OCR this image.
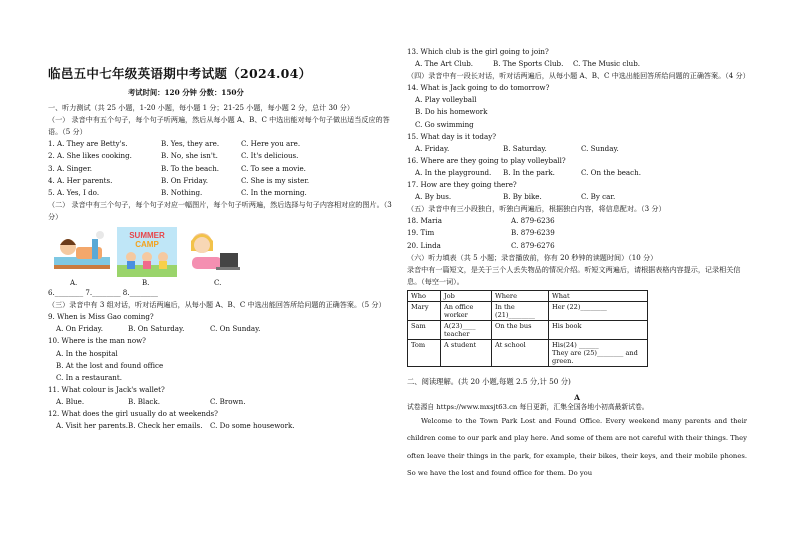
临邑五中七年级英语期中考试题（2024.04）
考试时间：120 分钟 分数：150分
一、听力测试（共 25 小题，1-20 小题，每小题 1 分；21-25 小题，每小题 2 分，总计 30 分）
（一） 录音中有五个句子，每个句子听两遍，然后从每小题 A、B、C 中选出能对每个句子做出适当反应的答语。（5 分）
1. A. They are Betty's.	B. Yes, they are.	C. Here you are.
2. A. She likes cooking.	B. No, she isn't.	C. It's delicious.
3. A. Singer.	B. To the beach.	C. To see a movie.
4. A. Her parents.	B. On Friday.	C. She is my sister.
5. A. Yes, I do.	B. Nothing.	C. In the morning.
（二） 录音中有三个句子，每个句子对应一幅图片，每个句子听两遍，然后选择与句子内容相对应的图片。（3 分）
SUMMER
CAMP
A.	B.	C.
6.________ 7.________ 8.________
（三）录音中有 3 组对话，听对话两遍后，从每小题 A、B、C 中选出能回答所给问题的正确答案。（5 分）
9. When is Miss Gao coming?
A. On Friday.	B. On Saturday.	C. On Sunday.
10. Where is the man now?
A. In the hospital
B. At the lost and found office
C. In a restaurant.
11. What colour is Jack's wallet?
A. Blue.	B. Black.	C. Brown.
12. What does the girl usually do at weekends?
A. Visit her parents. B. Check her emails.	C. Do some housework.
13. Which club is the girl going to join?
A. The Art Club.	B. The Sports Club.	C. The Music club.
（四）录音中有一段长对话，听对话两遍后，从每小题 A、B、C 中选出能回答所给问题的正确答案。（4 分）
14. What is Jack going to do tomorrow?
A. Play volleyball
B. Do his homework
C. Go swimming
15. What day is it today?
A. Friday.	B. Saturday.	C. Sunday.
16. Where are they going to play volleyball?
A. In the playground.	B. In the park.	C. On the beach.
17. How are they going there?
A. By bus.	B. By bike.	C. By car.
（五）录音中有三小段独白，听独白两遍后，根据独白内容，将信息配对。（3 分）
18. Maria	A. 879-6236
19. Tim	B. 879-6239
20. Linda	C. 879-6276
（六）听力填表（共 5 小题；录音播放前，你有 20 秒钟的读题时间）（10 分）
录音中有一篇短文，是关于三个人丢失物品的情况介绍。听短文两遍后，请根据表格内容提示，记录相关信息。（每空一词）。
Who	Job	Where	What
Mary	An office worker	In the (21)________	Her (22)________
Sam	A(23)____ teacher	On the bus	His book
Tom	A student	At school	His(24) ______
They are (25)________ and green.
二、阅读理解。(共 20 小题,每题 2.5 分,计 50 分)
A
试卷源自 https://www.mxsjt63.cn 每日更新，汇集全国各地小初高最新试卷。
Welcome to the Town Park Lost and Found Office. Every weekend many parents and their children come to our park and play here. And some of them are not careful with their things. They often leave their things in the park, for example, their bikes, their keys, and their mobile phones. So we have the lost and found office for them. Do you
